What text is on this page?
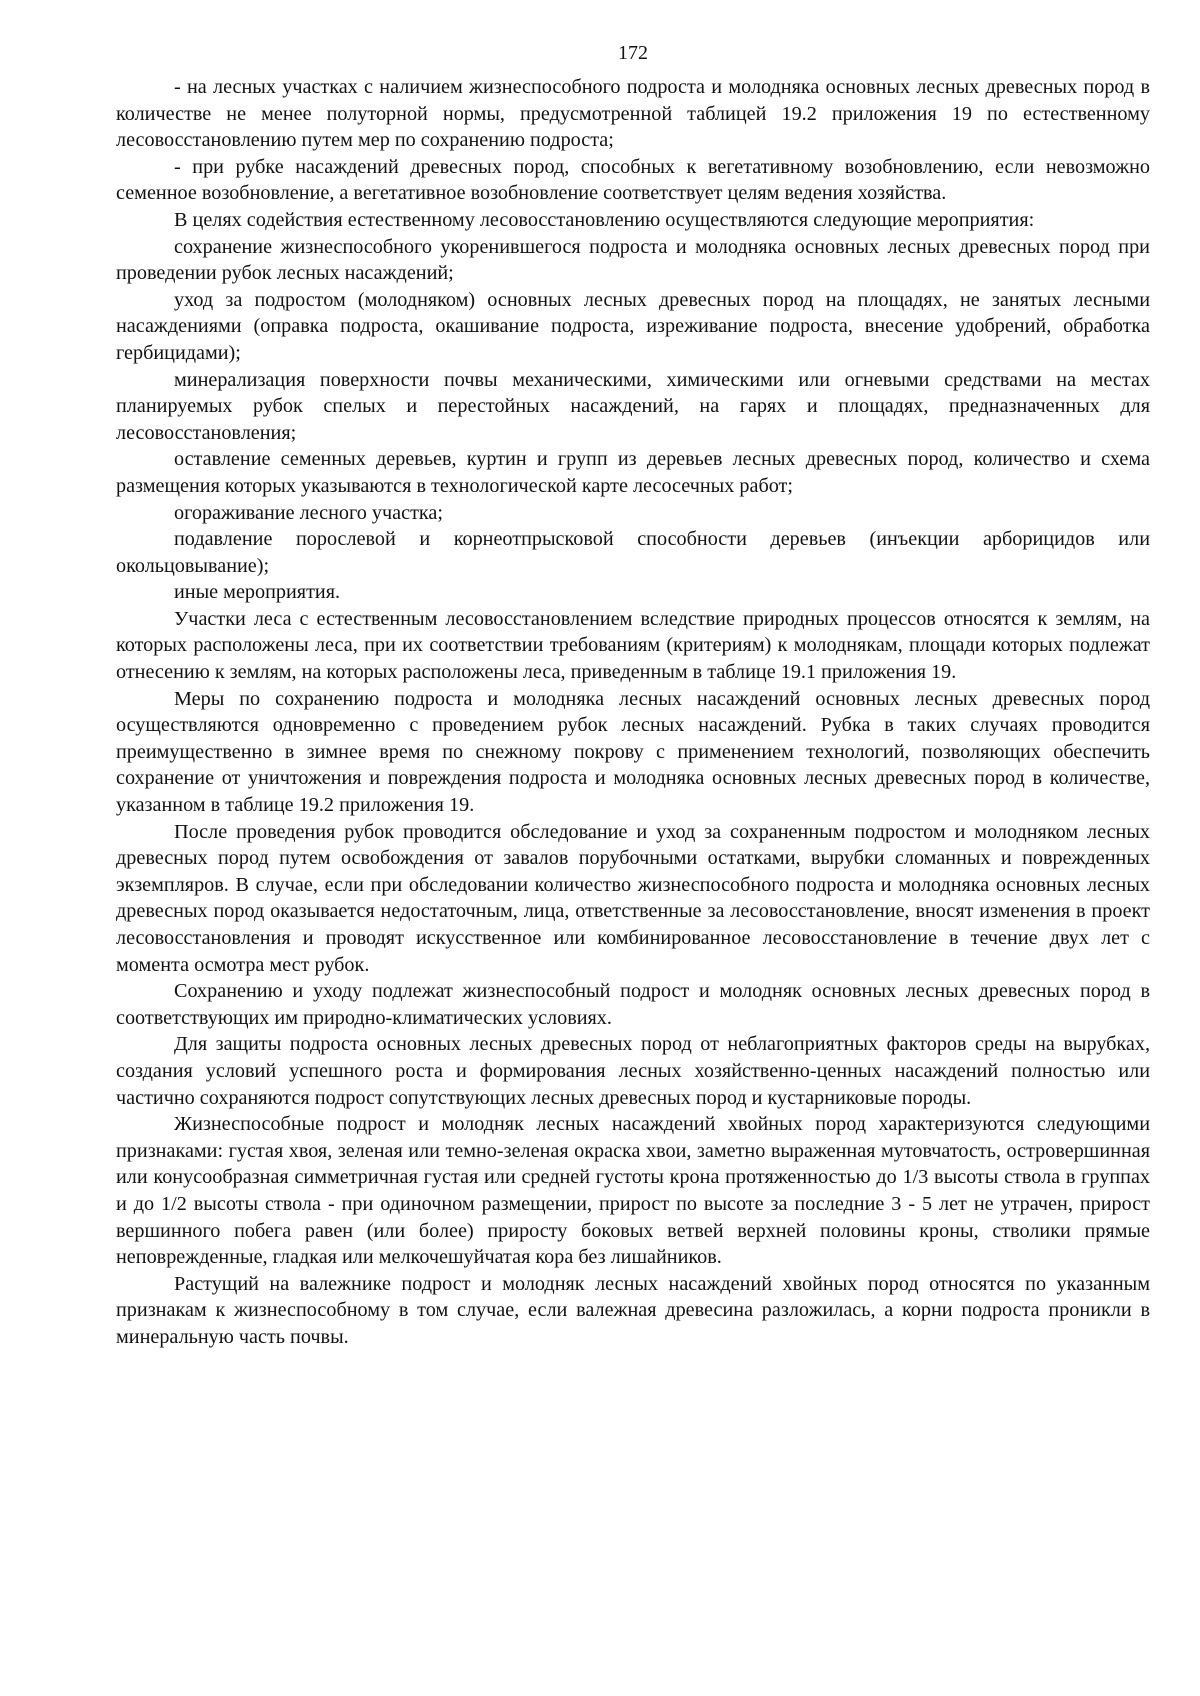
172

- на лесных участках с наличием жизнеспособного подроста и молодняка основных лесных древесных пород в количестве не менее полуторной нормы, предусмотренной таблицей 19.2 приложения 19 по естественному лесовосстановлению путем мер по сохранению подроста;

- при рубке насаждений древесных пород, способных к вегетативному возобновлению, если невозможно семенное возобновление, а вегетативное возобновление соответствует целям ведения хозяйства.

В целях содействия естественному лесовосстановлению осуществляются следующие мероприятия:

сохранение жизнеспособного укоренившегося подроста и молодняка основных лесных древесных пород при проведении рубок лесных насаждений;

уход за подростом (молодняком) основных лесных древесных пород на площадях, не занятых лесными насаждениями (оправка подроста, окашивание подроста, изреживание подроста, внесение удобрений, обработка гербицидами);

минерализация поверхности почвы механическими, химическими или огневыми средствами на местах планируемых рубок спелых и перестойных насаждений, на гарях и площадях, предназначенных для лесовосстановления;

оставление семенных деревьев, куртин и групп из деревьев лесных древесных пород, количество и схема размещения которых указываются в технологической карте лесосечных работ;

огораживание лесного участка;

подавление порослевой и корнеотпрысковой способности деревьев (инъекции арборицидов или окольцовывание);

иные мероприятия.

Участки леса с естественным лесовосстановлением вследствие природных процессов относятся к землям, на которых расположены леса, при их соответствии требованиям (критериям) к молоднякам, площади которых подлежат отнесению к землям, на которых расположены леса, приведенным в таблице 19.1 приложения 19.

Меры по сохранению подроста и молодняка лесных насаждений основных лесных древесных пород осуществляются одновременно с проведением рубок лесных насаждений. Рубка в таких случаях проводится преимущественно в зимнее время по снежному покрову с применением технологий, позволяющих обеспечить сохранение от уничтожения и повреждения подроста и молодняка основных лесных древесных пород в количестве, указанном в таблице 19.2 приложения 19.

После проведения рубок проводится обследование и уход за сохраненным подростом и молодняком лесных древесных пород путем освобождения от завалов порубочными остатками, вырубки сломанных и поврежденных экземпляров. В случае, если при обследовании количество жизнеспособного подроста и молодняка основных лесных древесных пород оказывается недостаточным, лица, ответственные за лесовосстановление, вносят изменения в проект лесовосстановления и проводят искусственное или комбинированное лесовосстановление в течение двух лет с момента осмотра мест рубок.

Сохранению и уходу подлежат жизнеспособный подрост и молодняк основных лесных древесных пород в соответствующих им природно-климатических условиях.

Для защиты подроста основных лесных древесных пород от неблагоприятных факторов среды на вырубках, создания условий успешного роста и формирования лесных хозяйственно-ценных насаждений полностью или частично сохраняются подрост сопутствующих лесных древесных пород и кустарниковые породы.

Жизнеспособные подрост и молодняк лесных насаждений хвойных пород характеризуются следующими признаками: густая хвоя, зеленая или темно-зеленая окраска хвои, заметно выраженная мутовчатость, островершинная или конусообразная симметричная густая или средней густоты крона протяженностью до 1/3 высоты ствола в группах и до 1/2 высоты ствола - при одиночном размещении, прирост по высоте за последние 3 - 5 лет не утрачен, прирост вершинного побега равен (или более) приросту боковых ветвей верхней половины кроны, стволики прямые неповрежденные, гладкая или мелкочешуйчатая кора без лишайников.

Растущий на валежнике подрост и молодняк лесных насаждений хвойных пород относятся по указанным признакам к жизнеспособному в том случае, если валежная древесина разложилась, а корни подроста проникли в минеральную часть почвы.
